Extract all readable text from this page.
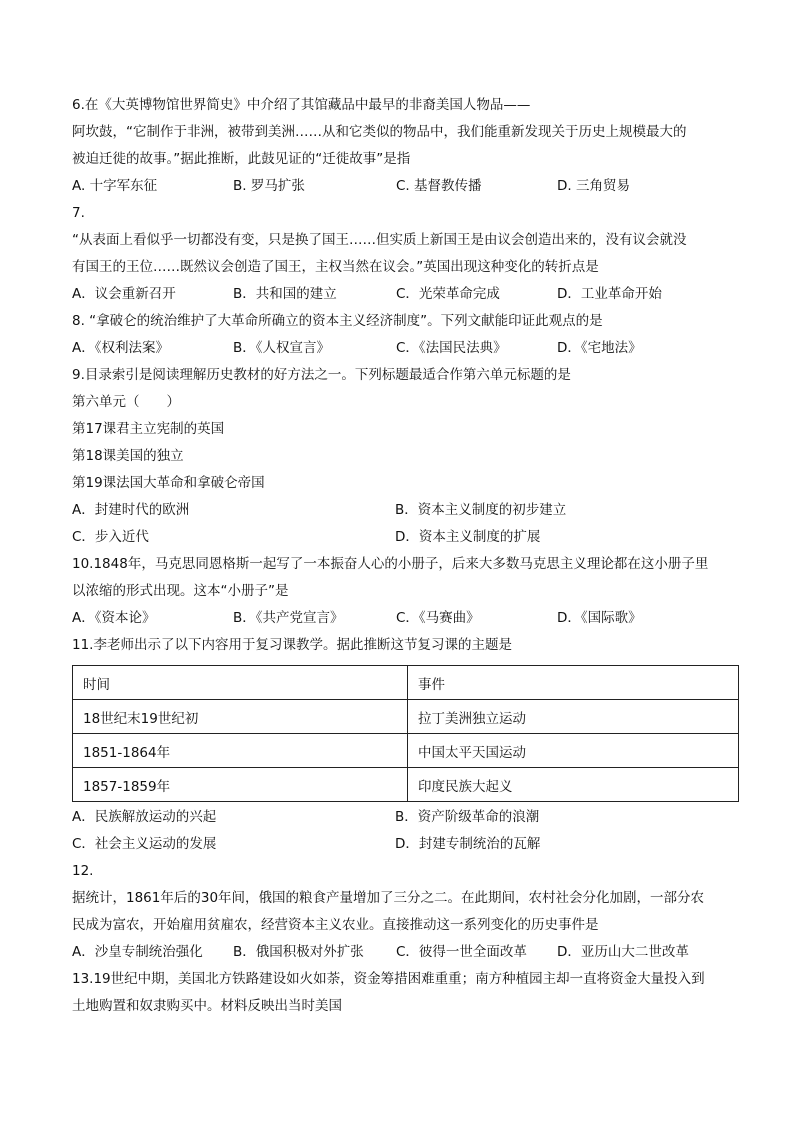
6.在《大英博物馆世界简史》中介绍了其馆藏品中最早的非裔美国人物品——
阿坎鼓，“它制作于非洲，被带到美洲……从和它类似的物品中，我们能重新发现关于历史上规模最大的
被迫迁徙的故事。”据此推断，此鼓见证的“迁徙故事”是指
A. 十字军东征	B. 罗马扩张	C. 基督教传播	D. 三角贸易
7.
“从表面上看似乎一切都没有变，只是换了国王……但实质上新国王是由议会创造出来的，没有议会就没
有国王的王位……既然议会创造了国王，主权当然在议会。”英国出现这种变化的转折点是
A．议会重新召开	B．共和国的建立	C．光荣革命完成	D．工业革命开始
8. “拿破仑的统治维护了大革命所确立的资本主义经济制度”。下列文献能印证此观点的是
A．《权利法案》	B．《人权宣言》	C．《法国民法典》	D．《宅地法》
9.目录索引是阅读理解历史教材的好方法之一。下列标题最适合作第六单元标题的是
第六单元（　　）
第17课君主立宪制的英国
第18课美国的独立
第19课法国大革命和拿破仑帝国
A．封建时代的欧洲	B．资本主义制度的初步建立
C．步入近代	D．资本主义制度的扩展
10.1848年，马克思同恩格斯一起写了一本振奋人心的小册子，后来大多数马克思主义理论都在这小册子里
以浓缩的形式出现。这本“小册子”是
A．《资本论》	B．《共产党宣言》	C．《马赛曲》	D．《国际歌》
11.李老师出示了以下内容用于复习课教学。据此推断这节复习课的主题是
时间	事件
18世纪末19世纪初	拉丁美洲独立运动
1851-1864年	中国太平天国运动
1857-1859年	印度民族大起义
A．民族解放运动的兴起	B．资产阶级革命的浪潮
C．社会主义运动的发展	D．封建专制统治的瓦解
12.
据统计，1861年后的30年间，俄国的粮食产量增加了三分之二。在此期间，农村社会分化加剧，一部分农
民成为富农，开始雇用贫雇农，经营资本主义农业。直接推动这一系列变化的历史事件是
A．沙皇专制统治强化	B．俄国积极对外扩张	C．彼得一世全面改革	D．亚历山大二世改革
13.19世纪中期，美国北方铁路建设如火如荼，资金筹措困难重重；南方种植园主却一直将资金大量投入到
土地购置和奴隶购买中。材料反映出当时美国
